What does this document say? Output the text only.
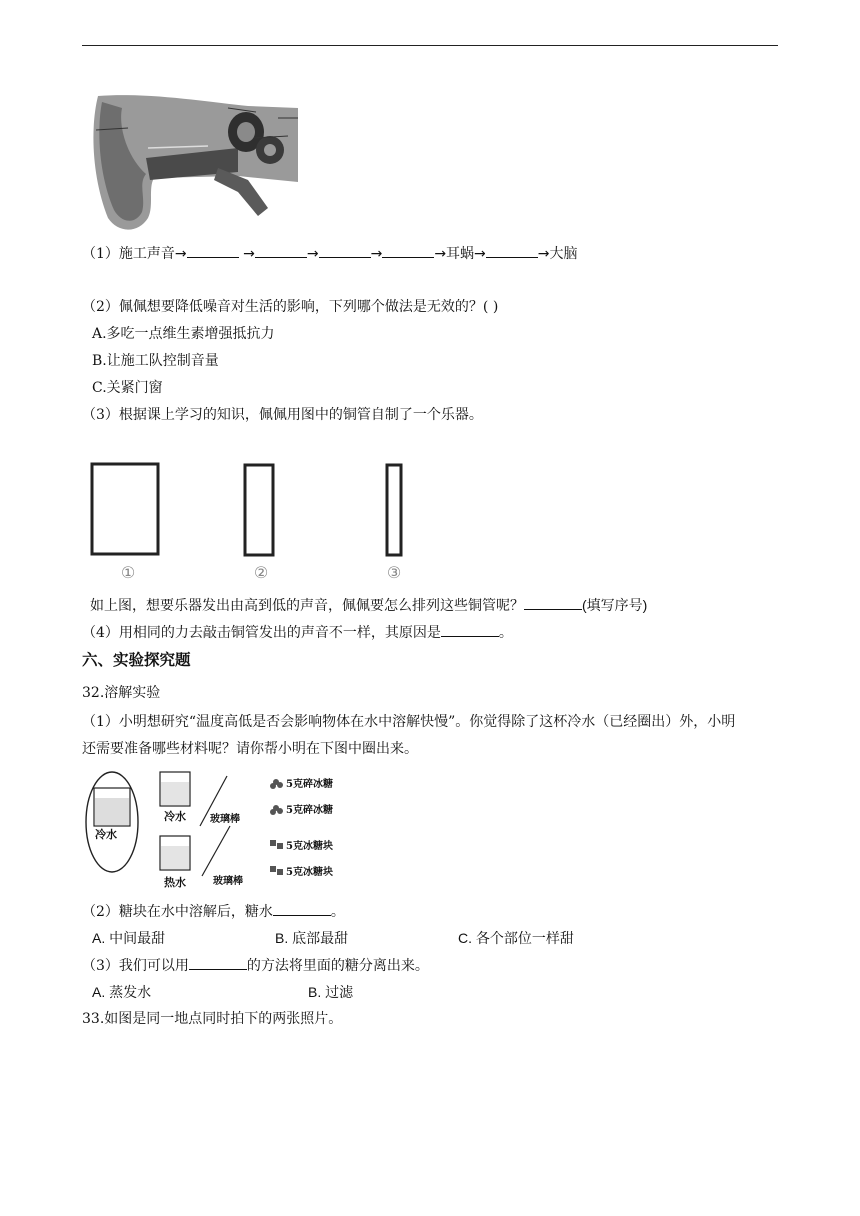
（1）施工声音→	→	→	→	→耳蜗→	→大脑
（2）佩佩想要降低噪音对生活的影响，下列哪个做法是无效的？( )
A.多吃一点维生素增强抵抗力
B.让施工队控制音量
C.关紧门窗
（3）根据课上学习的知识，佩佩用图中的铜管自制了一个乐器。
①	②	③
如上图，想要乐器发出由高到低的声音，佩佩要怎么排列这些铜管呢？	(填写序号)
（4）用相同的力去敲击铜管发出的声音不一样，其原因是	。
六、实验探究题
32.溶解实验
（1）小明想研究“温度高低是否会影响物体在水中溶解快慢”。你觉得除了这杯冷水（已经圈出）外，小明
还需要准备哪些材料呢？请你帮小明在下图中圈出来。
冷水
冷水
热水
玻璃棒
玻璃棒
5克碎冰糖
5克碎冰糖
5克冰糖块
5克冰糖块
（2）糖块在水中溶解后，糖水	。
A. 中间最甜	B. 底部最甜	C. 各个部位一样甜
（3）我们可以用	的方法将里面的糖分离出来。
A. 蒸发水	B. 过滤
33.如图是同一地点同时拍下的两张照片。
